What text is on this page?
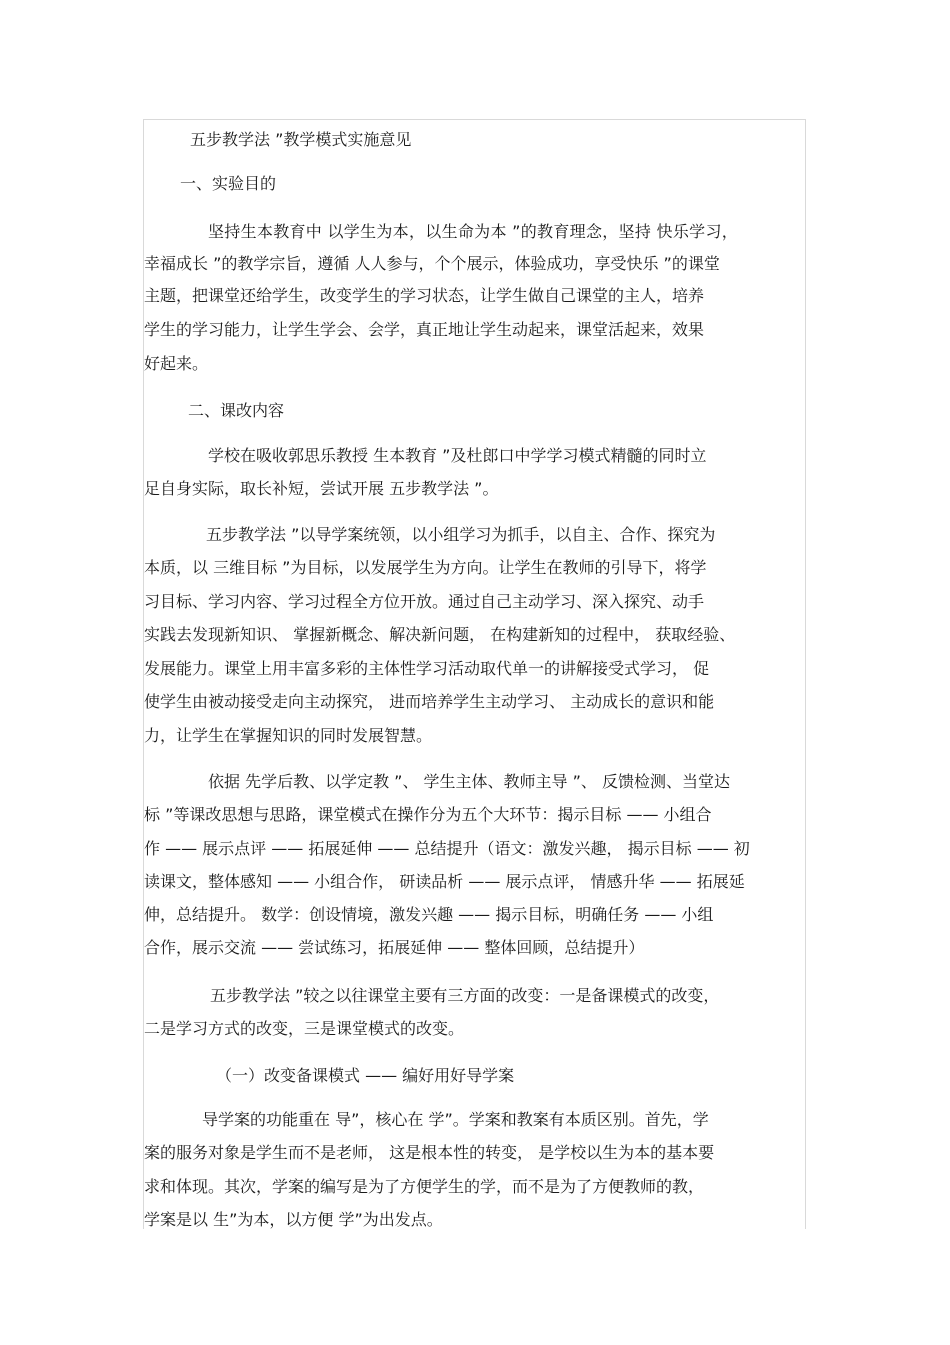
五步教学法 ”教学模式实施意见
一、实验目的
坚持生本教育中 以学生为本，以生命为本 ”的教育理念，坚持 快乐学习，
幸福成长 ”的教学宗旨，遵循 人人参与，个个展示，体验成功，享受快乐 ”的课堂
主题，把课堂还给学生，改变学生的学习状态，让学生做自己课堂的主人，培养
学生的学习能力，让学生学会、会学，真正地让学生动起来，课堂活起来，效果
好起来。
二、课改内容
学校在吸收郭思乐教授 生本教育 ”及杜郎口中学学习模式精髓的同时立
足自身实际，取长补短，尝试开展 五步教学法 ”。
五步教学法 ”以导学案统领，以小组学习为抓手，以自主、合作、探究为
本质，以 三维目标 ”为目标，以发展学生为方向。让学生在教师的引导下，将学
习目标、学习内容、学习过程全方位开放。通过自己主动学习、深入探究、动手
实践去发现新知识、 掌握新概念、解决新问题， 在构建新知的过程中， 获取经验、
发展能力。课堂上用丰富多彩的主体性学习活动取代单一的讲解接受式学习， 促
使学生由被动接受走向主动探究， 进而培养学生主动学习、 主动成长的意识和能
力，让学生在掌握知识的同时发展智慧。
依据 先学后教、以学定教 ”、 学生主体、教师主导 ”、 反馈检测、当堂达
标 ”等课改思想与思路，课堂模式在操作分为五个大环节：揭示目标 —— 小组合
作 —— 展示点评 —— 拓展延伸 —— 总结提升（语文：激发兴趣， 揭示目标 —— 初
读课文，整体感知 —— 小组合作， 研读品析 —— 展示点评， 情感升华 —— 拓展延
伸，总结提升。 数学：创设情境，激发兴趣 —— 揭示目标，明确任务 —— 小组
合作，展示交流 —— 尝试练习，拓展延伸 —— 整体回顾，总结提升）
五步教学法 ”较之以往课堂主要有三方面的改变：一是备课模式的改变，
二是学习方式的改变，三是课堂模式的改变。
（一）改变备课模式 —— 编好用好导学案
导学案的功能重在 导”，核心在 学”。学案和教案有本质区别。首先，学
案的服务对象是学生而不是老师， 这是根本性的转变， 是学校以生为本的基本要
求和体现。其次，学案的编写是为了方便学生的学，而不是为了方便教师的教，
学案是以 生”为本，以方便 学”为出发点。
